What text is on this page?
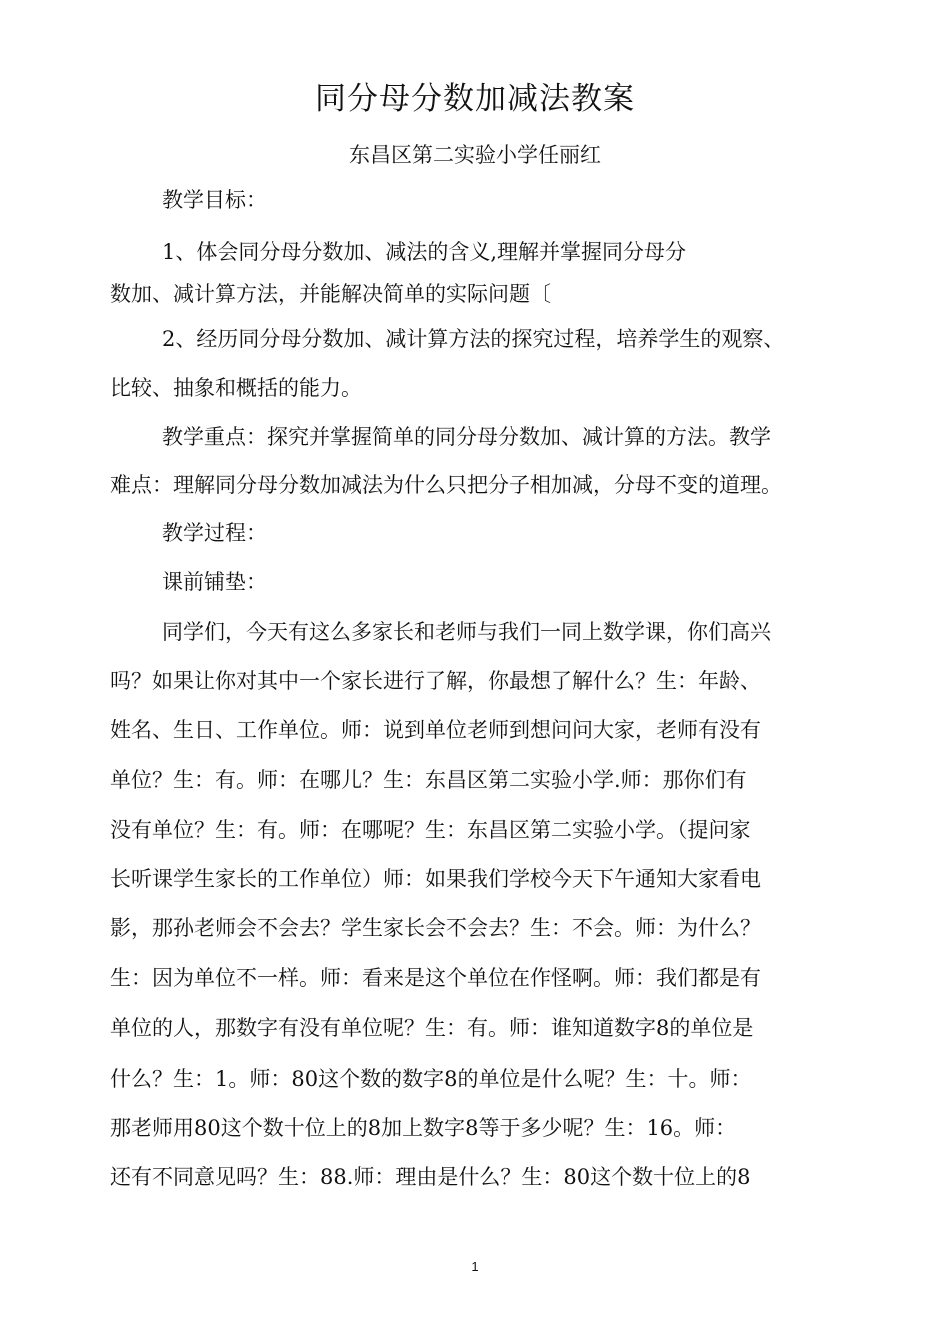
同分母分数加减法教案
东昌区第二实验小学任丽红
教学目标：
1、体会同分母分数加、减法的含义,理解并掌握同分母分
数加、减计算方法，并能解决简单的实际问题〔
2、经历同分母分数加、减计算方法的探究过程，培养学生的观察、
比较、抽象和概括的能力。
教学重点：探究并掌握简单的同分母分数加、减计算的方法。教学
难点：理解同分母分数加减法为什么只把分子相加减，分母不变的道理。
教学过程：
课前铺垫：
同学们，今天有这么多家长和老师与我们一同上数学课，你们高兴
吗？如果让你对其中一个家长进行了解，你最想了解什么？生：年龄、
姓名、生日、工作单位。师：说到单位老师到想问问大家，老师有没有
单位？生：有。师：在哪儿？生：东昌区第二实验小学.师：那你们有
没有单位？生：有。师：在哪呢？生：东昌区第二实验小学。（提问家
长听课学生家长的工作单位）师：如果我们学校今天下午通知大家看电
影，那孙老师会不会去？学生家长会不会去？生：不会。师：为什么？
生：因为单位不一样。师：看来是这个单位在作怪啊。师：我们都是有
单位的人，那数字有没有单位呢？生：有。师：谁知道数字8的单位是
什么？生：1。师：80这个数的数字8的单位是什么呢？生：十。师：
那老师用80这个数十位上的8加上数字8等于多少呢？生：16。师：
还有不同意见吗？生：88.师：理由是什么？生：80这个数十位上的8
1
